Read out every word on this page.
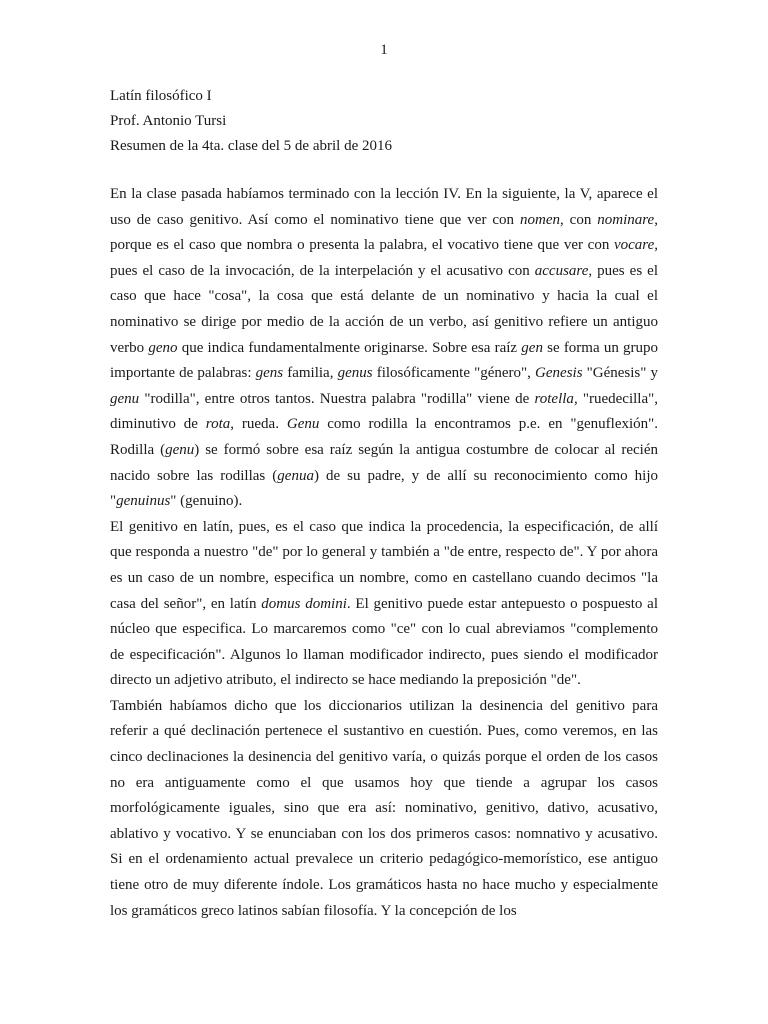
1
Latín filosófico I
Prof. Antonio Tursi
Resumen de la 4ta. clase del 5 de abril de 2016

En la clase pasada habíamos terminado con la lección IV. En la siguiente, la V, aparece el uso de caso genitivo. Así como el nominativo tiene que ver con nomen, con nominare, porque es el caso que nombra o presenta la palabra, el vocativo tiene que ver con vocare, pues el caso de la invocación, de la interpelación y el acusativo con accusare, pues es el caso que hace "cosa", la cosa que está delante de un nominativo y hacia la cual el nominativo se dirige por medio de la acción de un verbo, así genitivo refiere un antiguo verbo geno que indica fundamentalmente originarse. Sobre esa raíz gen se forma un grupo importante de palabras: gens familia, genus filosóficamente "género", Genesis "Génesis" y genu "rodilla", entre otros tantos. Nuestra palabra "rodilla" viene de rotella, "ruedecilla", diminutivo de rota, rueda. Genu como rodilla la encontramos p.e. en "genuflexión". Rodilla (genu) se formó sobre esa raíz según la antigua costumbre de colocar al recién nacido sobre las rodillas (genua) de su padre, y de allí su reconocimiento como hijo "genuinus" (genuino).

El genitivo en latín, pues, es el caso que indica la procedencia, la especificación, de allí que responda a nuestro "de" por lo general y también a "de entre, respecto de". Y por ahora es un caso de un nombre, especifica un nombre, como en castellano cuando decimos "la casa del señor", en latín domus domini. El genitivo puede estar antepuesto o pospuesto al núcleo que especifica. Lo marcaremos como "ce" con lo cual abreviamos "complemento de especificación". Algunos lo llaman modificador indirecto, pues siendo el modificador directo un adjetivo atributo, el indirecto se hace mediando la preposición "de".

También habíamos dicho que los diccionarios utilizan la desinencia del genitivo para referir a qué declinación pertenece el sustantivo en cuestión. Pues, como veremos, en las cinco declinaciones la desinencia del genitivo varía, o quizás porque el orden de los casos no era antiguamente como el que usamos hoy que tiende a agrupar los casos morfológicamente iguales, sino que era así: nominativo, genitivo, dativo, acusativo, ablativo y vocativo. Y se enunciaban con los dos primeros casos: nomnativo y acusativo. Si en el ordenamiento actual prevalece un criterio pedagógico-memorístico, ese antiguo tiene otro de muy diferente índole. Los gramáticos hasta no hace mucho y especialmente los gramáticos greco latinos sabían filosofía. Y la concepción de los
